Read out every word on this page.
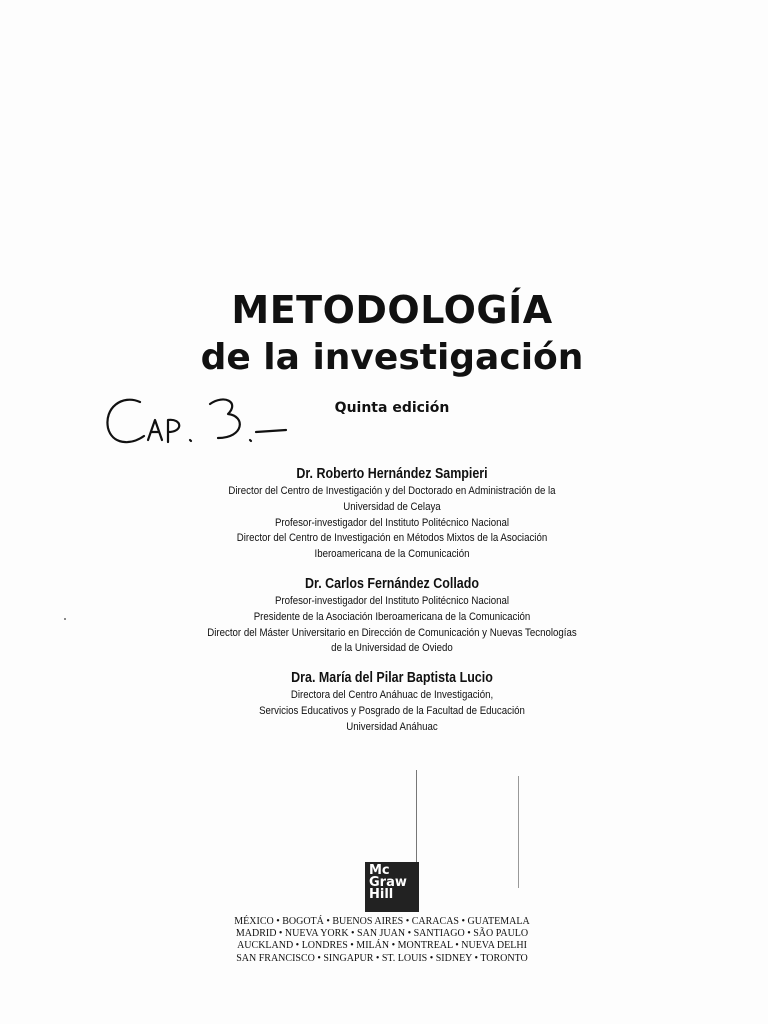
METODOLOGÍA
de la investigación
Quinta edición
Dr. Roberto Hernández Sampieri
Director del Centro de Investigación y del Doctorado en Administración de la
Universidad de Celaya
Profesor-investigador del Instituto Politécnico Nacional
Director del Centro de Investigación en Métodos Mixtos de la Asociación
Iberoamericana de la Comunicación
Dr. Carlos Fernández Collado
Profesor-investigador del Instituto Politécnico Nacional
Presidente de la Asociación Iberoamericana de la Comunicación
Director del Máster Universitario en Dirección de Comunicación y Nuevas Tecnologías
de la Universidad de Oviedo
Dra. María del Pilar Baptista Lucio
Directora del Centro Anáhuac de Investigación,
Servicios Educativos y Posgrado de la Facultad de Educación
Universidad Anáhuac
Mc
Graw
Hill
MÉXICO • BOGOTÁ • BUENOS AIRES • CARACAS • GUATEMALA
MADRID • NUEVA YORK • SAN JUAN • SANTIAGO • SÃO PAULO
AUCKLAND • LONDRES • MILÁN • MONTREAL • NUEVA DELHI
SAN FRANCISCO • SINGAPUR • ST. LOUIS • SIDNEY • TORONTO
